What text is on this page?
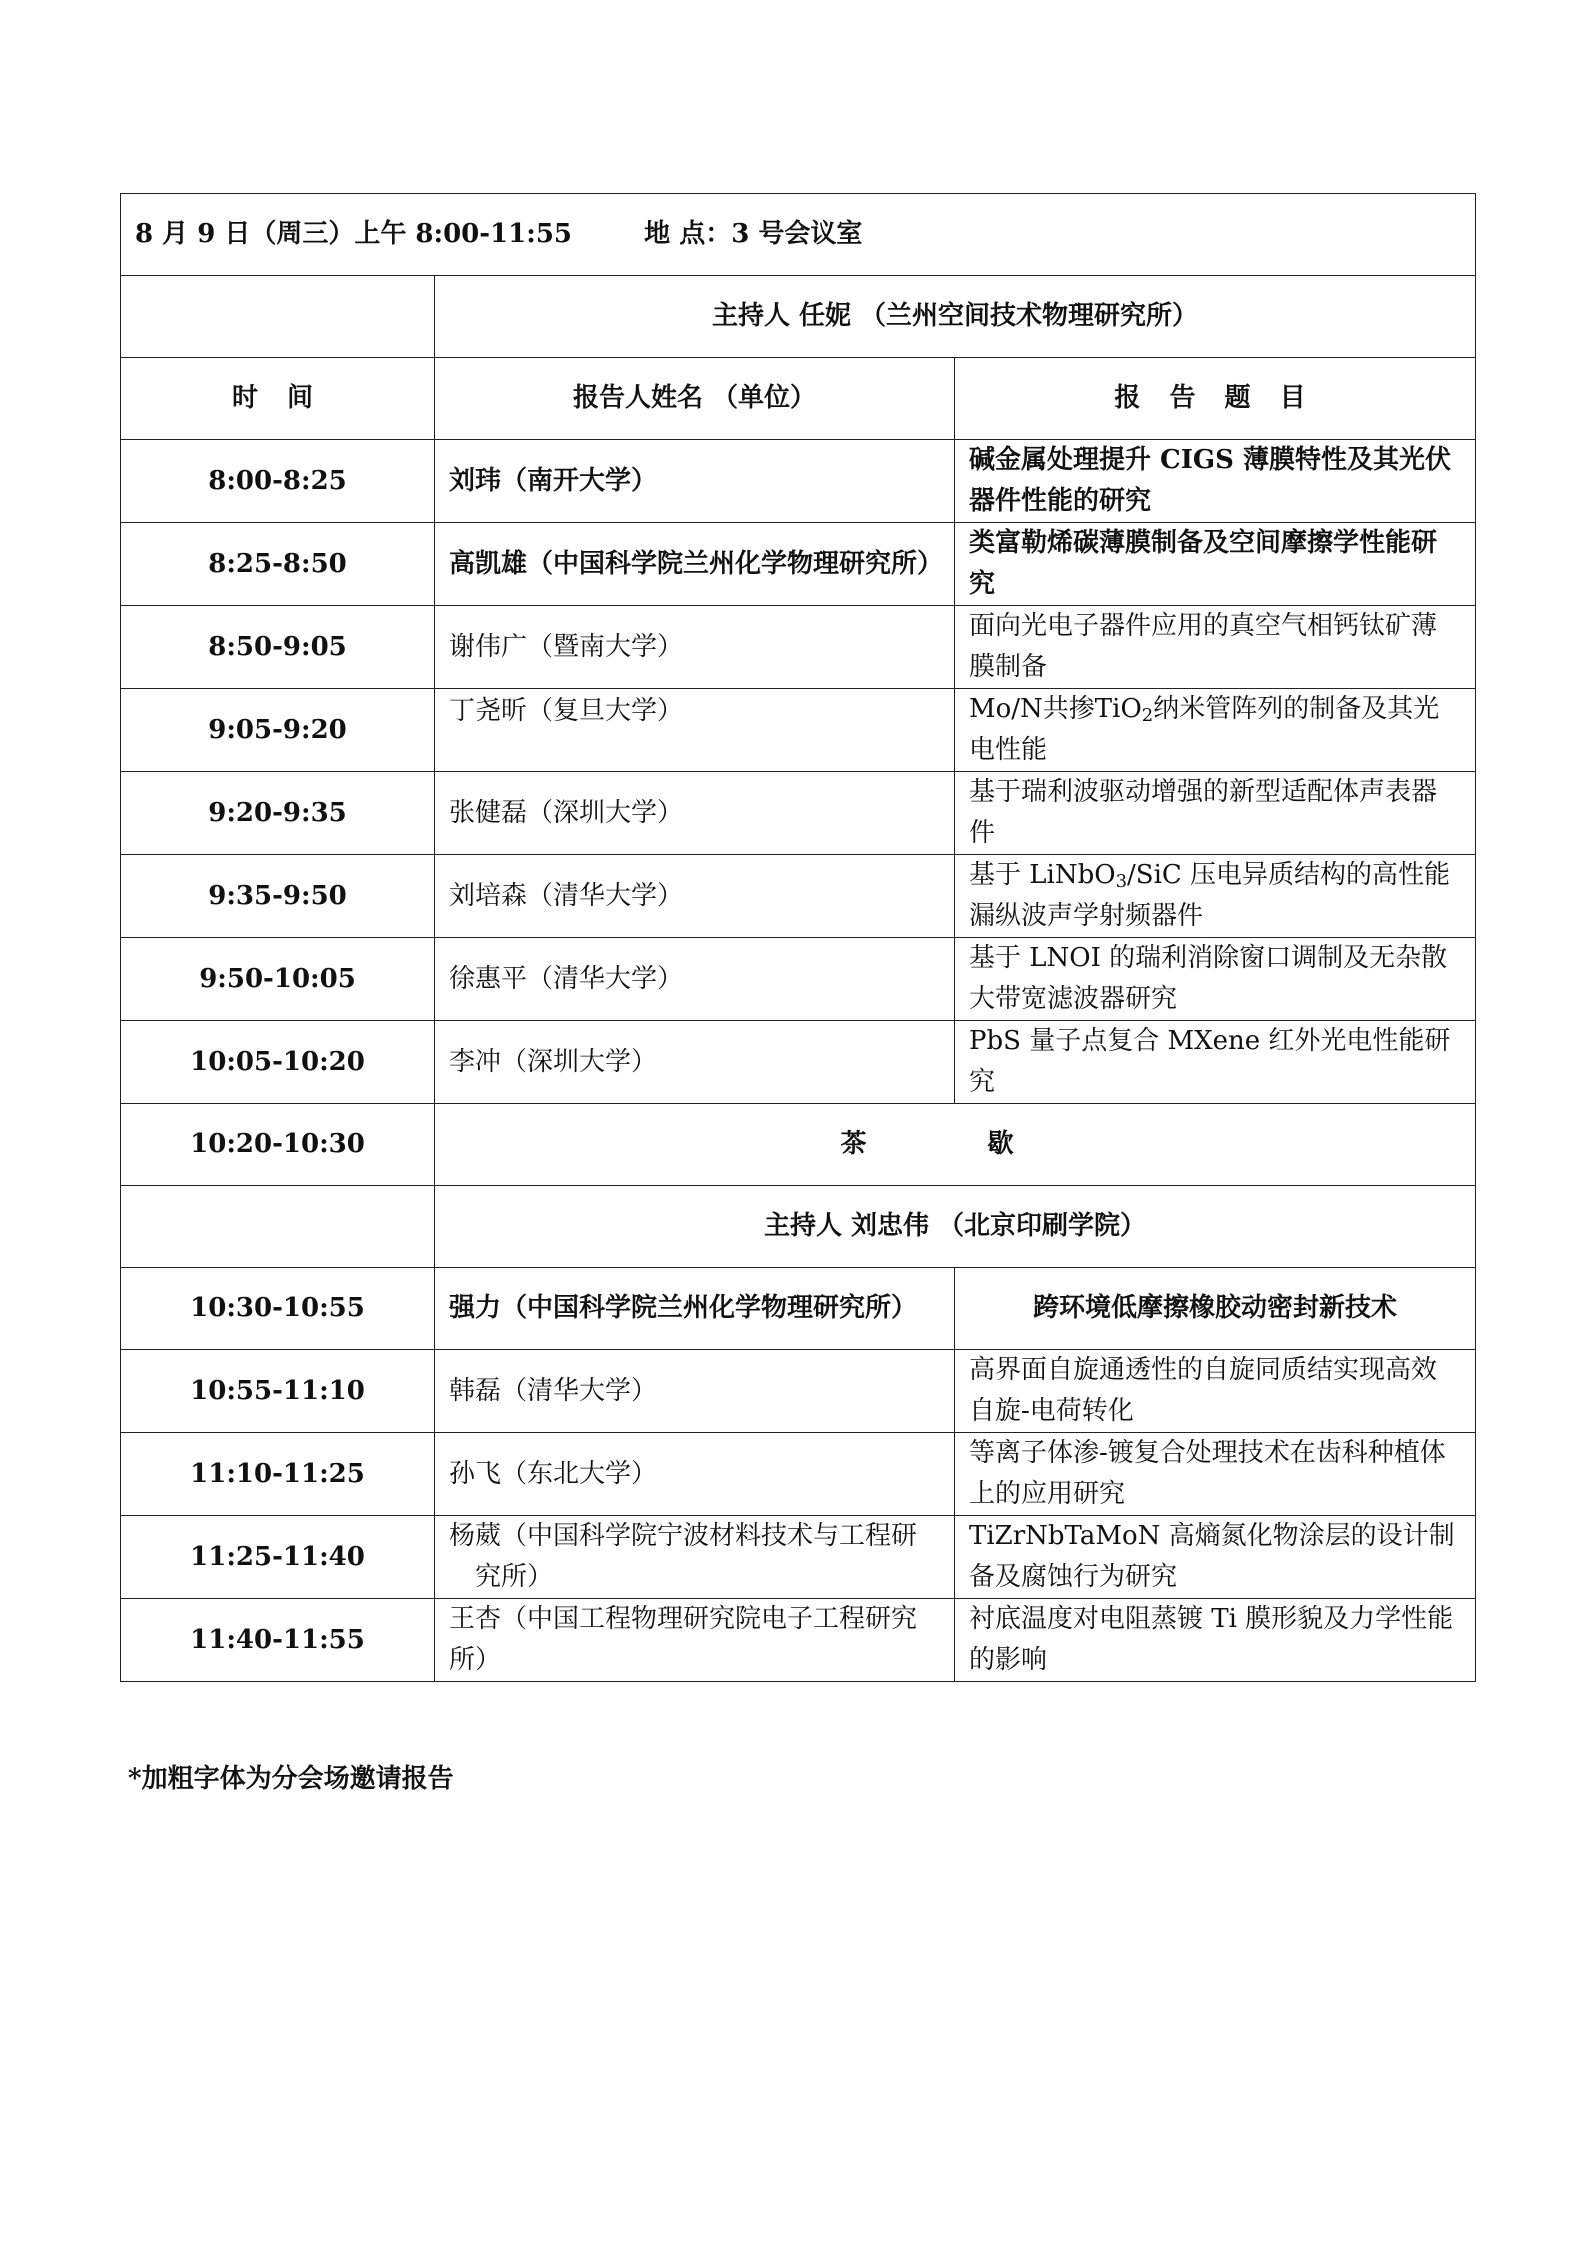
8 月 9 日（周三）上午 8:00-11:55 地 点：3 号会议室		
	主持人 任妮 （兰州空间技术物理研究所）	
时 间	报告人姓名 （单位）	报 告 题 目
8:00-8:25	刘玮（南开大学）	碱金属处理提升 CIGS 薄膜特性及其光伏器件性能的研究
8:25-8:50	高凯雄（中国科学院兰州化学物理研究所）	类富勒烯碳薄膜制备及空间摩擦学性能研究
8:50-9:05	谢伟广（暨南大学）	面向光电子器件应用的真空气相钙钛矿薄膜制备
9:05-9:20	丁尧昕（复旦大学）	Mo/N共掺TiO$_2$纳米管阵列的制备及其光电性能
9:20-9:35	张健磊（深圳大学）	基于瑞利波驱动增强的新型适配体声表器件
9:35-9:50	刘培森（清华大学）	基于 LiNbO$_3$/SiC 压电异质结构的高性能漏纵波声学射频器件
9:50-10:05	徐惠平（清华大学）	基于 LNOI 的瑞利消除窗口调制及无杂散大带宽滤波器研究
10:05-10:20	李冲（深圳大学）	PbS 量子点复合 MXene 红外光电性能研究
10:20-10:30	茶 歇	
	主持人 刘忠伟 （北京印刷学院）	
10:30-10:55	强力（中国科学院兰州化学物理研究所）	跨环境低摩擦橡胶动密封新技术
10:55-11:10	韩磊（清华大学）	高界面自旋通透性的自旋同质结实现高效自旋-电荷转化
11:10-11:25	孙飞（东北大学）	等离子体渗-镀复合处理技术在齿科种植体上的应用研究
11:25-11:40	杨葳（中国科学院宁波材料技术与工程研究所）	TiZrNbTaMoN 高熵氮化物涂层的设计制备及腐蚀行为研究
11:40-11:55	王杏（中国工程物理研究院电子工程研究所）	衬底温度对电阻蒸镀 Ti 膜形貌及力学性能的影响
*加粗字体为分会场邀请报告
